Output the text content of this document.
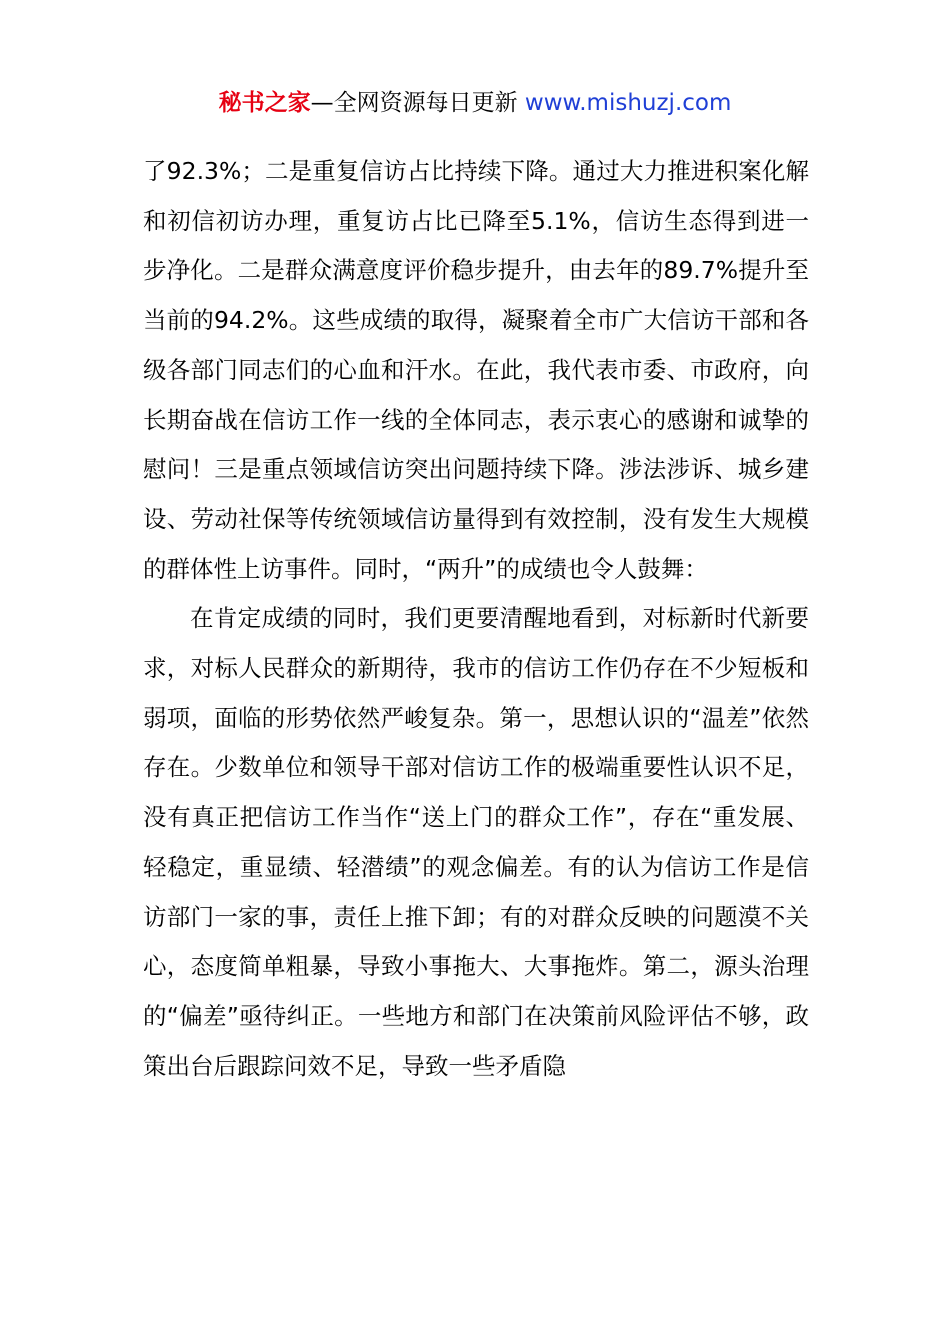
秘书之家—全网资源每日更新 www.mishuzj.com

了92.3%；二是重复信访占比持续下降。通过大力推进积案化解和初信初访办理，重复访占比已降至5.1%，信访生态得到进一步净化。二是群众满意度评价稳步提升，由去年的89.7%提升至当前的94.2%。这些成绩的取得，凝聚着全市广大信访干部和各级各部门同志们的心血和汗水。在此，我代表市委、市政府，向长期奋战在信访工作一线的全体同志，表示衷心的感谢和诚挚的慰问！三是重点领域信访突出问题持续下降。涉法涉诉、城乡建设、劳动社保等传统领域信访量得到有效控制，没有发生大规模的群体性上访事件。同时，“两升”的成绩也令人鼓舞：

在肯定成绩的同时，我们更要清醒地看到，对标新时代新要求，对标人民群众的新期待，我市的信访工作仍存在不少短板和弱项，面临的形势依然严峻复杂。第一，思想认识的“温差”依然存在。少数单位和领导干部对信访工作的极端重要性认识不足，没有真正把信访工作当作“送上门的群众工作”，存在“重发展、轻稳定，重显绩、轻潜绩”的观念偏差。有的认为信访工作是信访部门一家的事，责任上推下卸；有的对群众反映的问题漠不关心，态度简单粗暴，导致小事拖大、大事拖炸。第二，源头治理的“偏差”亟待纠正。一些地方和部门在决策前风险评估不够，政策出台后跟踪问效不足，导致一些矛盾隐
